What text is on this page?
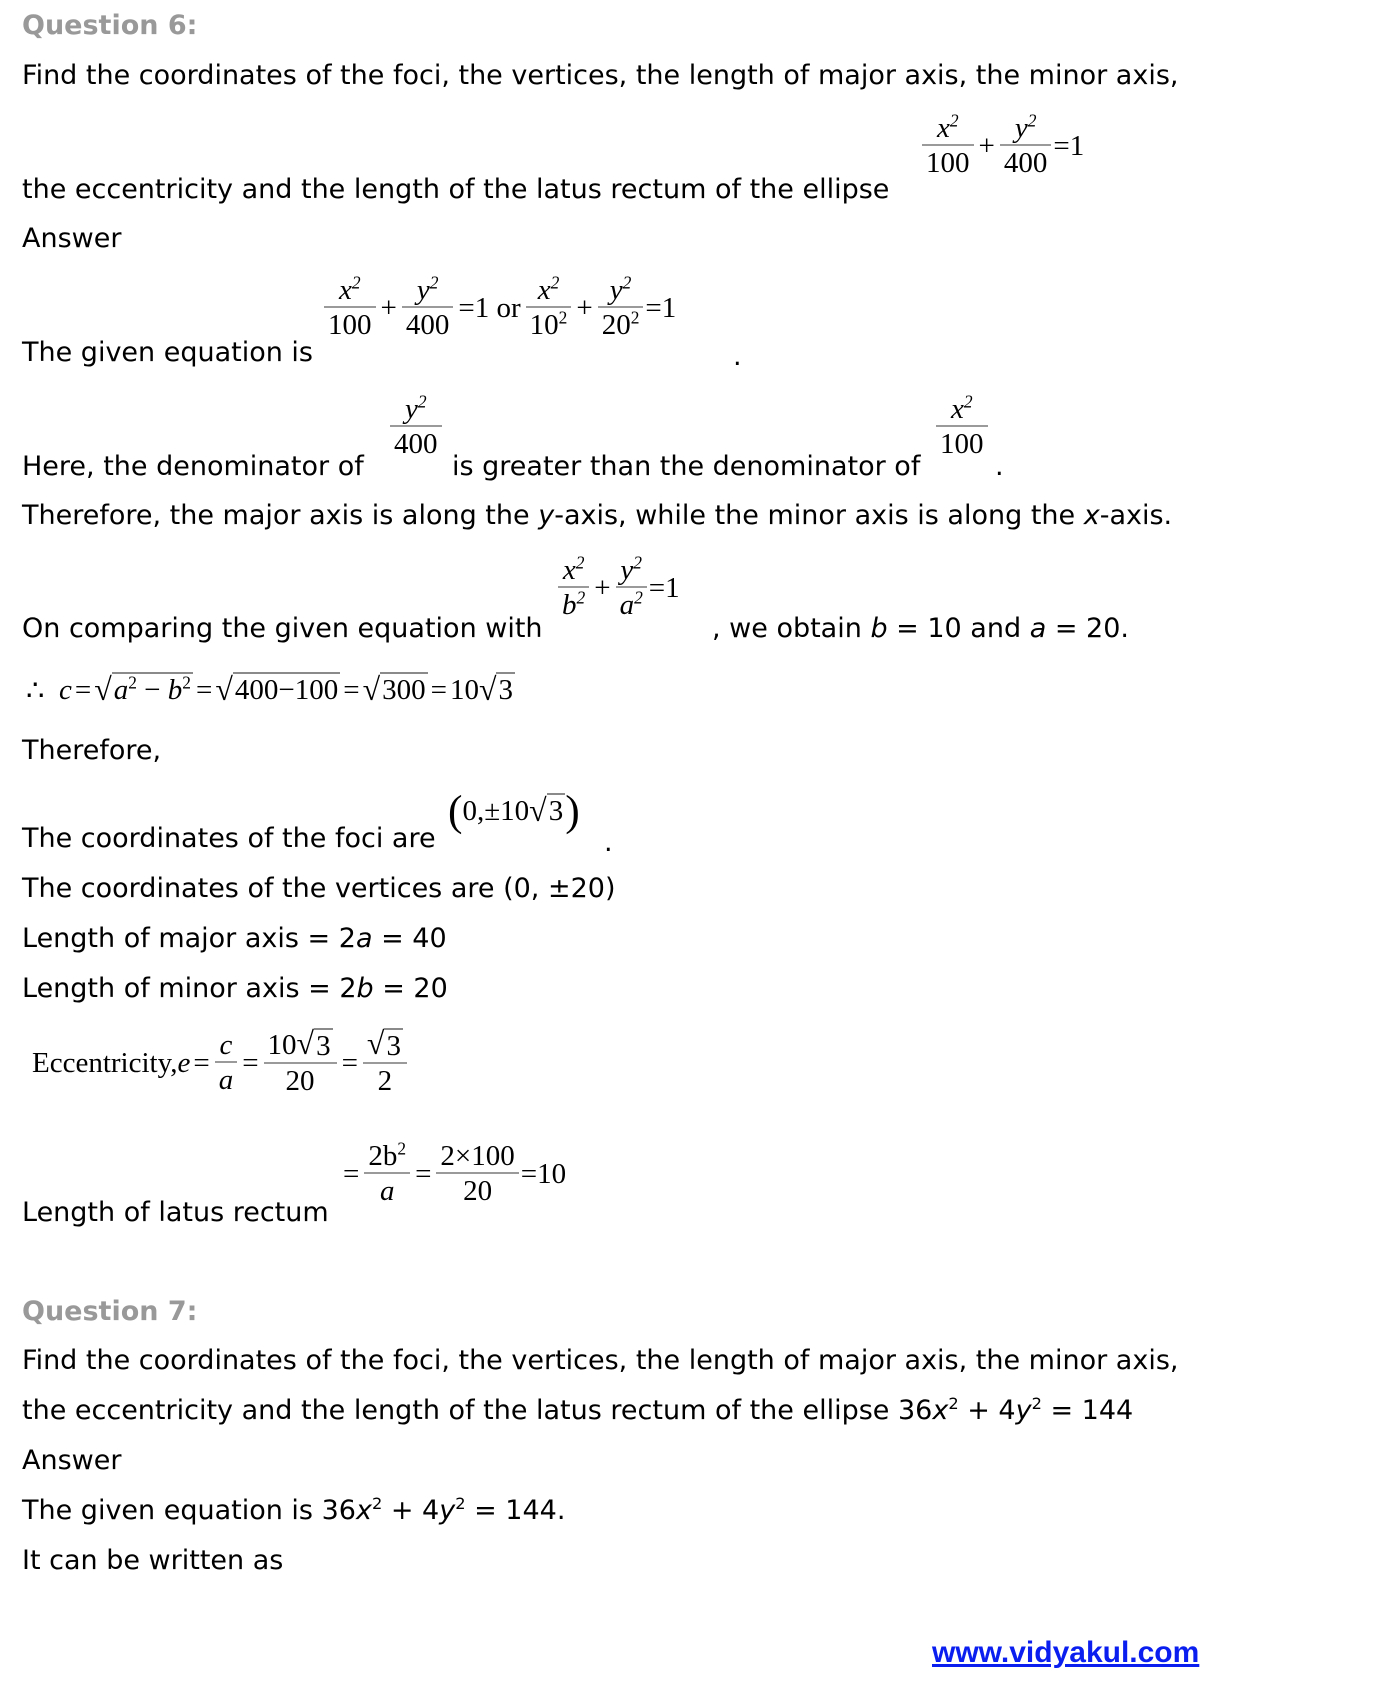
Question 6:
Find the coordinates of the foci, the vertices, the length of major axis, the minor axis,
the eccentricity and the length of the latus rectum of the ellipse
$\frac{x^2}{100} + \frac{y^2}{400} =1$
Answer
The given equation is
$\frac{x^2}{100} + \frac{y^2}{400} =1$ or $\frac{x^2}{10^2} + \frac{y^2}{20^2} =1$
.
Here, the denominator of
$\frac{y^2}{400}$
is greater than the denominator of
$\frac{x^2}{100}$
.
Therefore, the major axis is along the y-axis, while the minor axis is along the x-axis.
On comparing the given equation with
$\frac{x^2}{b^2} + \frac{y^2}{a^2} =1$
, we obtain b = 10 and a = 20.
∴
c = √ $a^2 - b^2$ = √ 400−100 = √ 300 = 10 √ 3
Therefore,
The coordinates of the foci are
( 0,±10 √ 3 )
.
The coordinates of the vertices are (0, ±20)
Length of major axis = 2a = 40
Length of minor axis = 2b = 20
Eccentricity, $e = \frac{c}{a} = \frac{10 √ 3}{20} = \frac{√ 3}{2}$
Length of latus rectum
= $\frac{2b^2}{a} = \frac{2\times 100}{20} =10$
Question 7:
Find the coordinates of the foci, the vertices, the length of major axis, the minor axis,
the eccentricity and the length of the latus rectum of the ellipse $36x^2 + 4y^2 = 144$
Answer
The given equation is $36x^2 + 4y^2 = 144$.
It can be written as
www.vidyakul.com
